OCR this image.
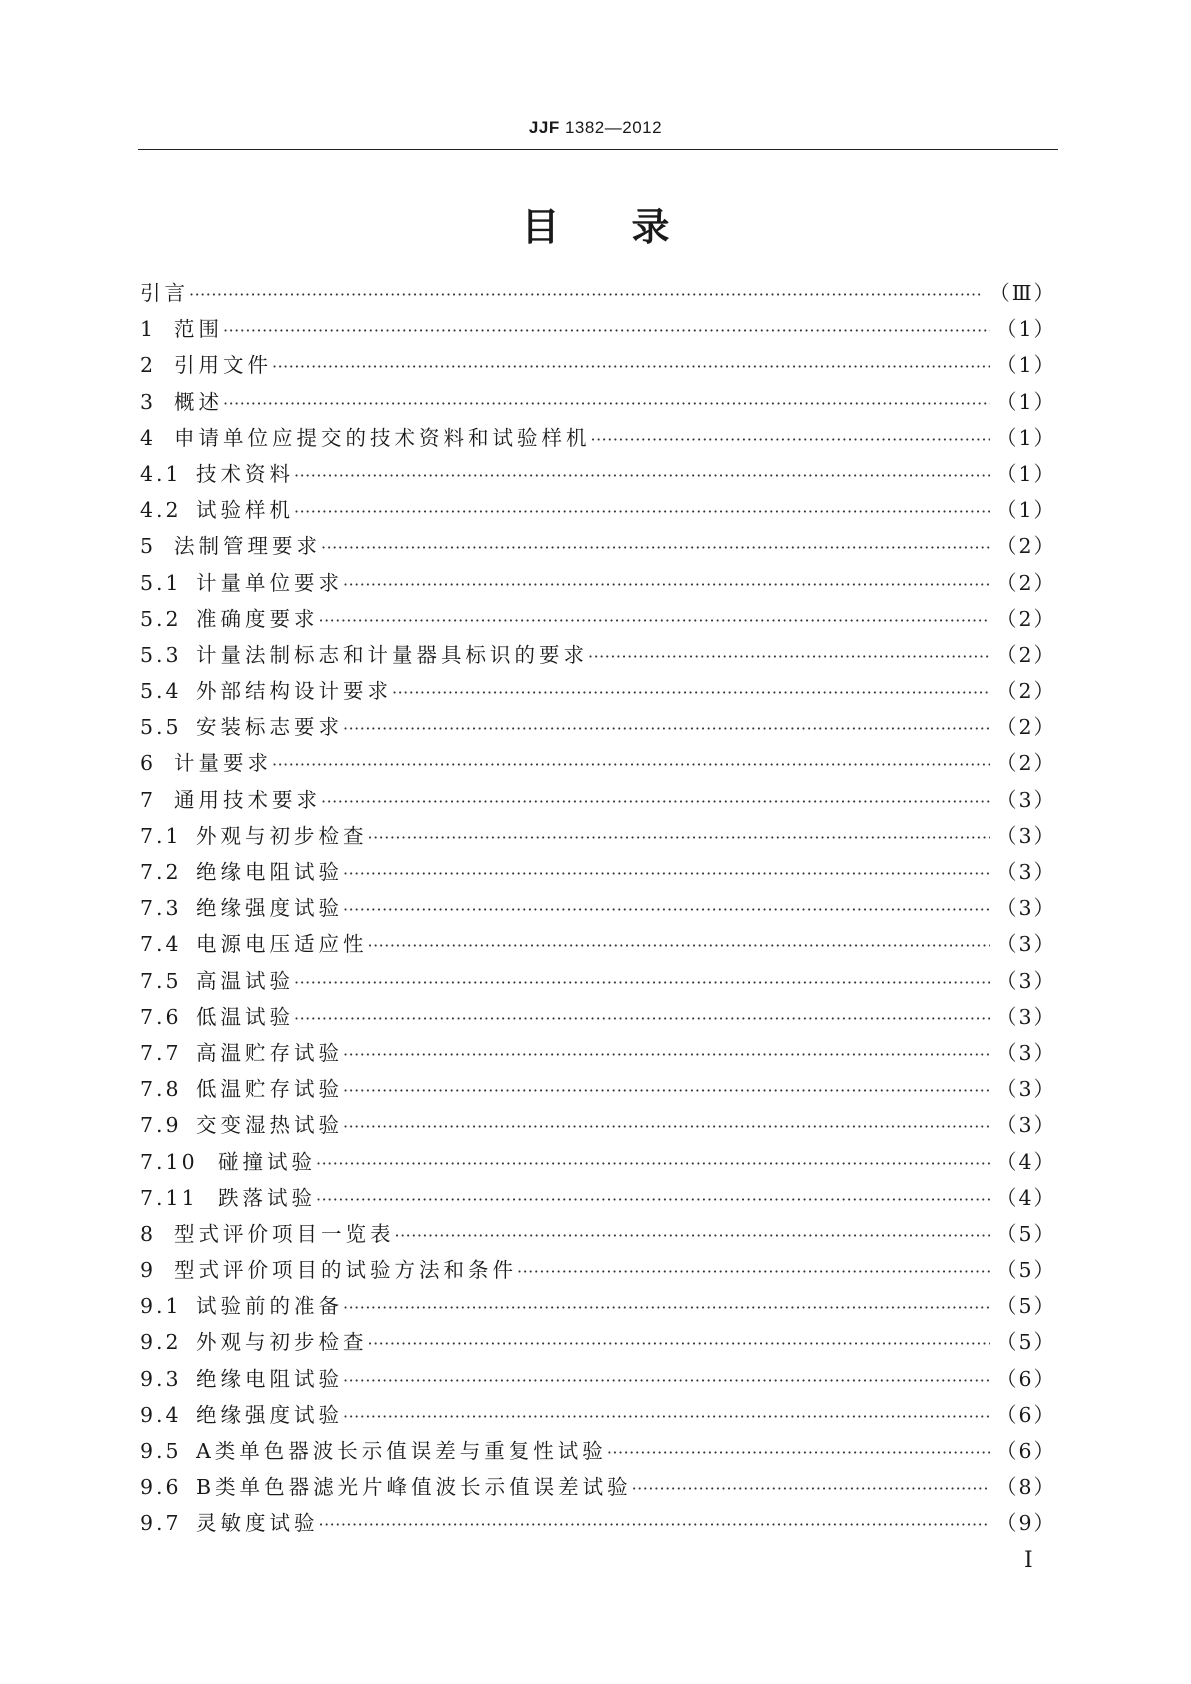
JJF 1382—2012
目录
引言 ·····	（Ⅲ）
1 范围 ·····	（1）
2 引用文件 ·····	（1）
3 概述 ·····	（1）
4 申请单位应提交的技术资料和试验样机 ·····	（1）
4.1 技术资料 ·····	（1）
4.2 试验样机 ·····	（1）
5 法制管理要求 ·····	（2）
5.1 计量单位要求 ·····	（2）
5.2 准确度要求 ·····	（2）
5.3 计量法制标志和计量器具标识的要求 ·····	（2）
5.4 外部结构设计要求 ·····	（2）
5.5 安装标志要求 ·····	（2）
6 计量要求 ·····	（2）
7 通用技术要求 ·····	（3）
7.1 外观与初步检查 ·····	（3）
7.2 绝缘电阻试验 ·····	（3）
7.3 绝缘强度试验 ·····	（3）
7.4 电源电压适应性 ·····	（3）
7.5 高温试验 ·····	（3）
7.6 低温试验 ·····	（3）
7.7 高温贮存试验 ·····	（3）
7.8 低温贮存试验 ·····	（3）
7.9 交变湿热试验 ·····	（3）
7.10 碰撞试验 ·····	（4）
7.11 跌落试验 ·····	（4）
8 型式评价项目一览表 ·····	（5）
9 型式评价项目的试验方法和条件 ·····	（5）
9.1 试验前的准备 ·····	（5）
9.2 外观与初步检查 ·····	（5）
9.3 绝缘电阻试验 ·····	（6）
9.4 绝缘强度试验 ·····	（6）
9.5 A类单色器波长示值误差与重复性试验 ·····	（6）
9.6 B类单色器滤光片峰值波长示值误差试验 ·····	（8）
9.7 灵敏度试验 ·····	（9）
Ⅰ
